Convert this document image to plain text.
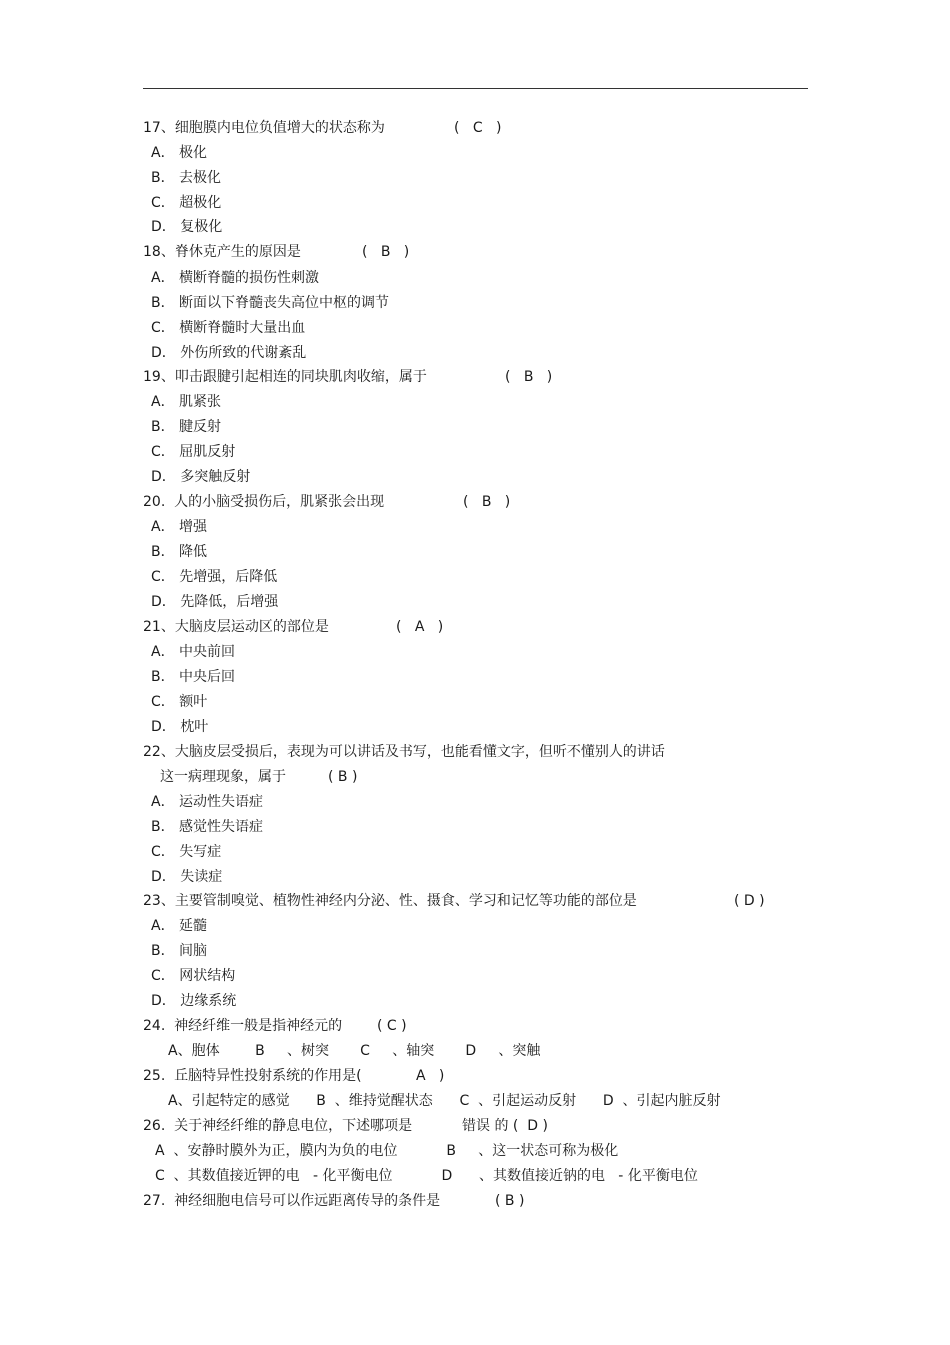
17、细胞膜内电位负值增大的状态称为	(   C   )
A． 极化
B． 去极化
C． 超极化
D． 复极化
18、脊休克产生的原因是	(   B   )
A． 横断脊髓的损伤性刺激
B． 断面以下脊髓丧失高位中枢的调节
C． 横断脊髓时大量出血
D． 外伤所致的代谢紊乱
19、叩击跟腱引起相连的同块肌肉收缩，属于	(   B   )
A． 肌紧张
B． 腱反射
C． 屈肌反射
D． 多突触反射
20.  人的小脑受损伤后，肌紧张会出现	(   B   )
A． 增强
B． 降低
C． 先增强，后降低
D． 先降低，后增强
21、大脑皮层运动区的部位是	(   A   )
A． 中央前回
B． 中央后回
C． 额叶
D． 枕叶
22、大脑皮层受损后，表现为可以讲话及书写，也能看懂文字，但听不懂别人的讲话
这一病理现象，属于	( B )
A． 运动性失语症
B． 感觉性失语症
C． 失写症
D． 失读症
23、主要管制嗅觉、植物性神经内分泌、性、摄食、学习和记忆等功能的部位是	( D )
A． 延髓
B． 间脑
C． 网状结构
D． 边缘系统
24.  神经纤维一般是指神经元的 ( C )
A、胞体        B     、树突       C     、轴突       D     、突触
25.  丘脑特异性投射系统的作用是(	A   )
A、引起特定的感觉      B  、维持觉醒状态      C  、引起运动反射      D  、引起内脏反射
26.  关于神经纤维的静息电位，下述哪项是	错误 的 (  D )
A  、安静时膜外为正，膜内为负的电位           B     、这一状态可称为极化
C  、其数值接近钾的电   - 化平衡电位           D      、其数值接近钠的电   - 化平衡电位
27.  神经细胞电信号可以作远距离传导的条件是	( B )
